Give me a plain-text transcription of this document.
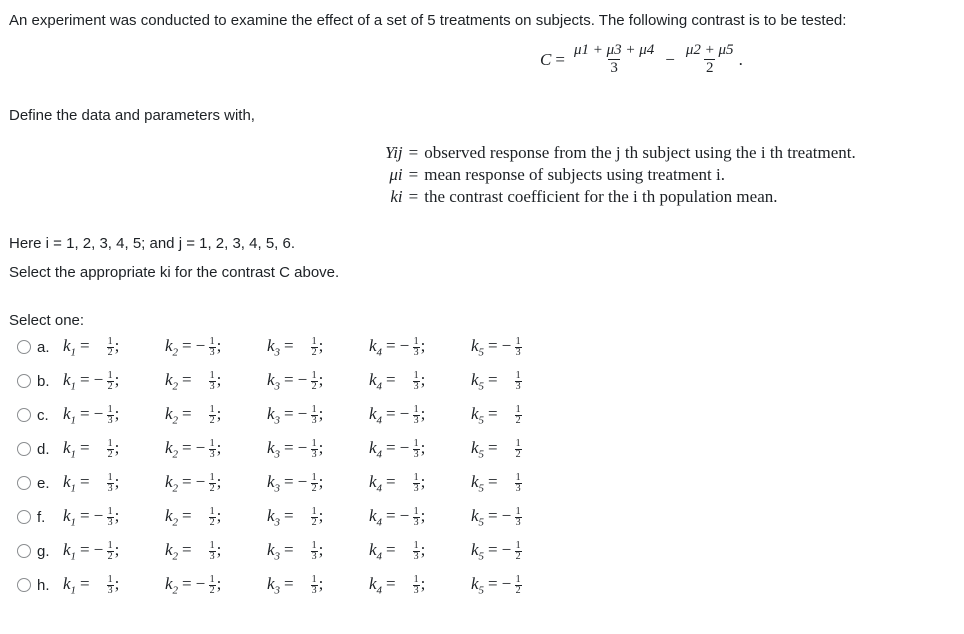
An experiment was conducted to examine the effect of a set of 5 treatments on subjects. The following contrast is to be tested:
$C = \frac{\mu 1 + \mu 3 + \mu 4}{3} - \frac{\mu 2 + \mu 5}{2}$ .
Define the data and parameters with,
Yij = observed response from the j th subject using the i th treatment.
μi = mean response of subjects using treatment i.
ki = the contrast coefficient for the i th population mean.
Here i = 1, 2, 3, 4, 5; and j = 1, 2, 3, 4, 5, 6.
Select the appropriate ki for the contrast C above.
Select one:
a. $k_1 = \frac{1}{2}$ ;	$k_2$ = − $\frac{1}{3}$ ;	$k_3 = \frac{1}{2}$ ;	$k_4$ = − $\frac{1}{3}$ ;	$k_5$ = − $\frac{1}{3}$
b. $k_1$ = − $\frac{1}{2}$ ;	$k_2 = \frac{1}{3}$ ;	$k_3$ = − $\frac{1}{2}$ ;	$k_4 = \frac{1}{3}$ ;	$k_5 = \frac{1}{3}$
c. $k_1$ = − $\frac{1}{3}$ ;	$k_2 = \frac{1}{2}$ ;	$k_3$ = − $\frac{1}{3}$ ;	$k_4$ = − $\frac{1}{3}$ ;	$k_5 = \frac{1}{2}$
d. $k_1 = \frac{1}{2}$ ;	$k_2$ = − $\frac{1}{3}$ ;	$k_3$ = − $\frac{1}{3}$ ;	$k_4$ = − $\frac{1}{3}$ ;	$k_5 = \frac{1}{2}$
e. $k_1 = \frac{1}{3}$ ;	$k_2$ = − $\frac{1}{2}$ ;	$k_3$ = − $\frac{1}{2}$ ;	$k_4 = \frac{1}{3}$ ;	$k_5 = \frac{1}{3}$
f.	$k_1$ = − $\frac{1}{3}$ ;	$k_2 = \frac{1}{2}$ ;	$k_3 = \frac{1}{2}$ ;	$k_4$ = − $\frac{1}{3}$ ;	$k_5$ = − $\frac{1}{3}$
g. $k_1$ = − $\frac{1}{2}$ ;	$k_2 = \frac{1}{3}$ ;	$k_3 = \frac{1}{3}$ ;	$k_4 = \frac{1}{3}$ ;	$k_5$ = − $\frac{1}{2}$
h. $k_1 = \frac{1}{3}$ ;	$k_2$ = − $\frac{1}{2}$ ;	$k_3 = \frac{1}{3}$ ;	$k_4 = \frac{1}{3}$ ;	$k_5$ = − $\frac{1}{2}$
